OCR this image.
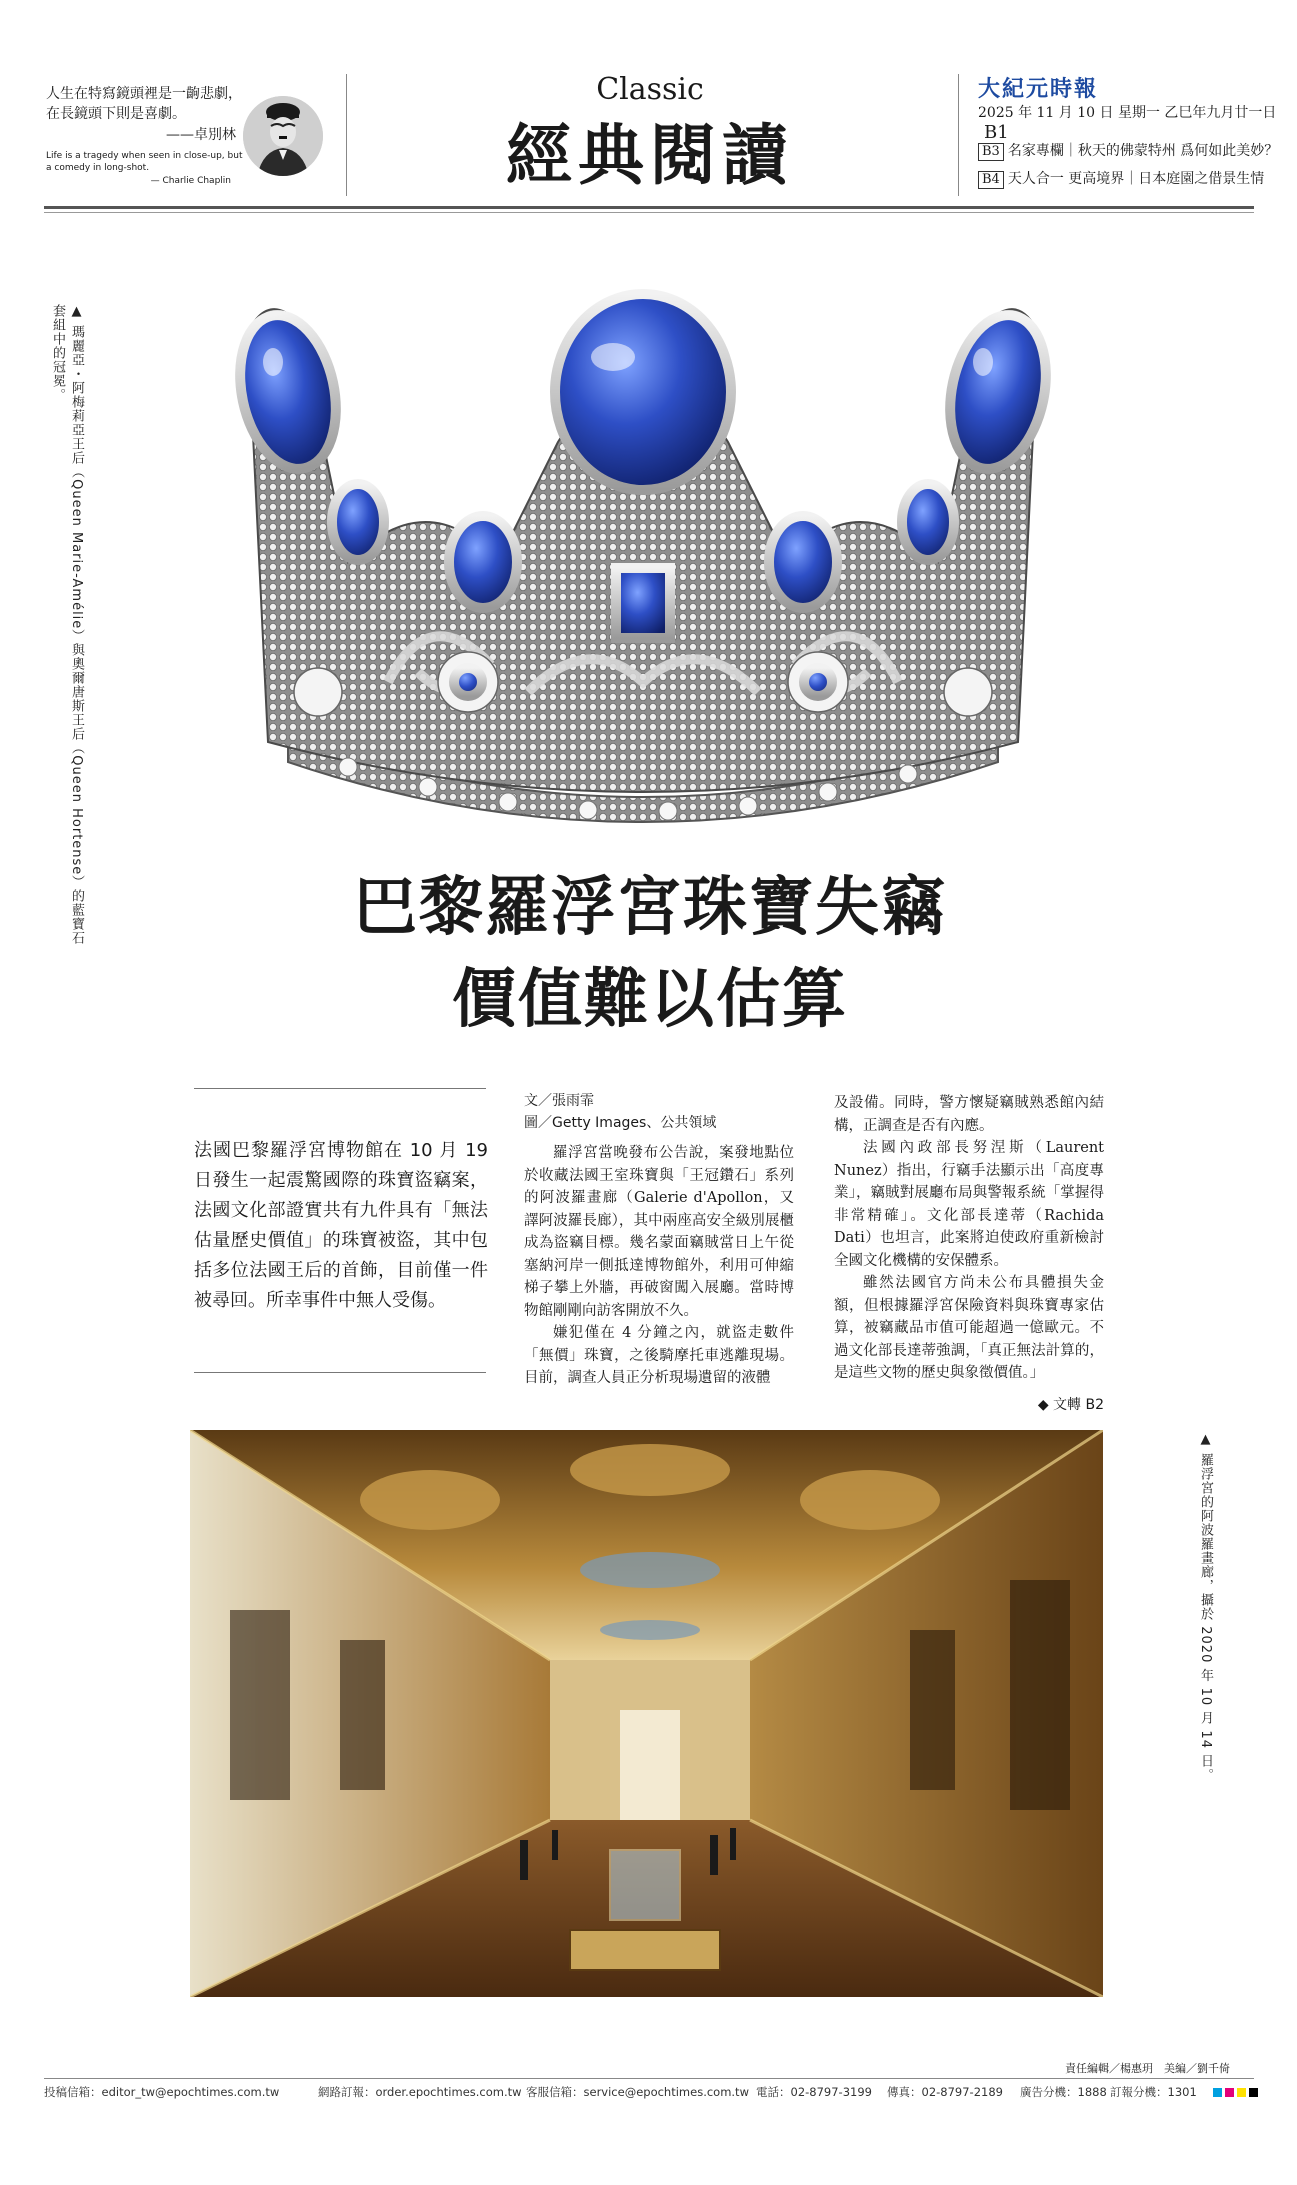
人生在特寫鏡頭裡是一齣悲劇，
在長鏡頭下則是喜劇。
——卓別林
Life is a tragedy when seen in close-up, but a comedy in long-shot.
— Charlie Chaplin
Classic
經典閱讀
大紀元時報
2025 年 11 月 10 日 星期一 乙巳年九月廿一日B1
B3 名家專欄｜秋天的佛蒙特州 爲何如此美妙？
B4 天人合一 更高境界｜日本庭園之借景生情
▲ 瑪麗亞・阿梅莉亞王后（Queen Marie-Amélie）與奧爾唐斯王后（Queen Hortense）的藍寶石套組中的冠冕。
▲ 羅浮宮的阿波羅畫廊，攝於 2020 年 10 月 14 日。
巴黎羅浮宮珠寶失竊
價值難以估算
法國巴黎羅浮宮博物館在 10 月 19 日發生一起震驚國際的珠寶盜竊案，法國文化部證實共有九件具有「無法估量歷史價值」的珠寶被盜，其中包括多位法國王后的首飾，目前僅一件被尋回。所幸事件中無人受傷。
文／張雨霏
圖／Getty Images、公共領域

羅浮宮當晚發布公告說，案發地點位於收藏法國王室珠寶與「王冠鑽石」系列的阿波羅畫廊（Galerie d'Apollon，又譯阿波羅長廊），其中兩座高安全級別展櫃成為盜竊目標。幾名蒙面竊賊當日上午從塞納河岸一側抵達博物館外，利用可伸縮梯子攀上外牆，再破窗闖入展廳。當時博物館剛剛向訪客開放不久。

嫌犯僅在 4 分鐘之內，就盜走數件「無價」珠寶，之後騎摩托車逃離現場。目前，調查人員正分析現場遺留的液體

及設備。同時，警方懷疑竊賊熟悉館內結構，正調查是否有內應。

法國內政部長努涅斯（Laurent Nunez）指出，行竊手法顯示出「高度專業」，竊賊對展廳布局與警報系統「掌握得非常精確」。文化部長達蒂（Rachida Dati）也坦言，此案將迫使政府重新檢討全國文化機構的安保體系。

雖然法國官方尚未公布具體損失金額，但根據羅浮宮保險資料與珠寶專家估算，被竊藏品市值可能超過一億歐元。不過文化部長達蒂強調，「真正無法計算的，是這些文物的歷史與象徵價值。」

◆ 文轉 B2
責任編輯／楊惠玥　美編／劉千倚
投稿信箱：editor_tw@epochtimes.com.tw	網路訂報：order.epochtimes.com.tw 客服信箱：service@epochtimes.com.tw 電話：02-8797-3199 傳真：02-8797-2189 廣告分機：1888 訂報分機：1301
